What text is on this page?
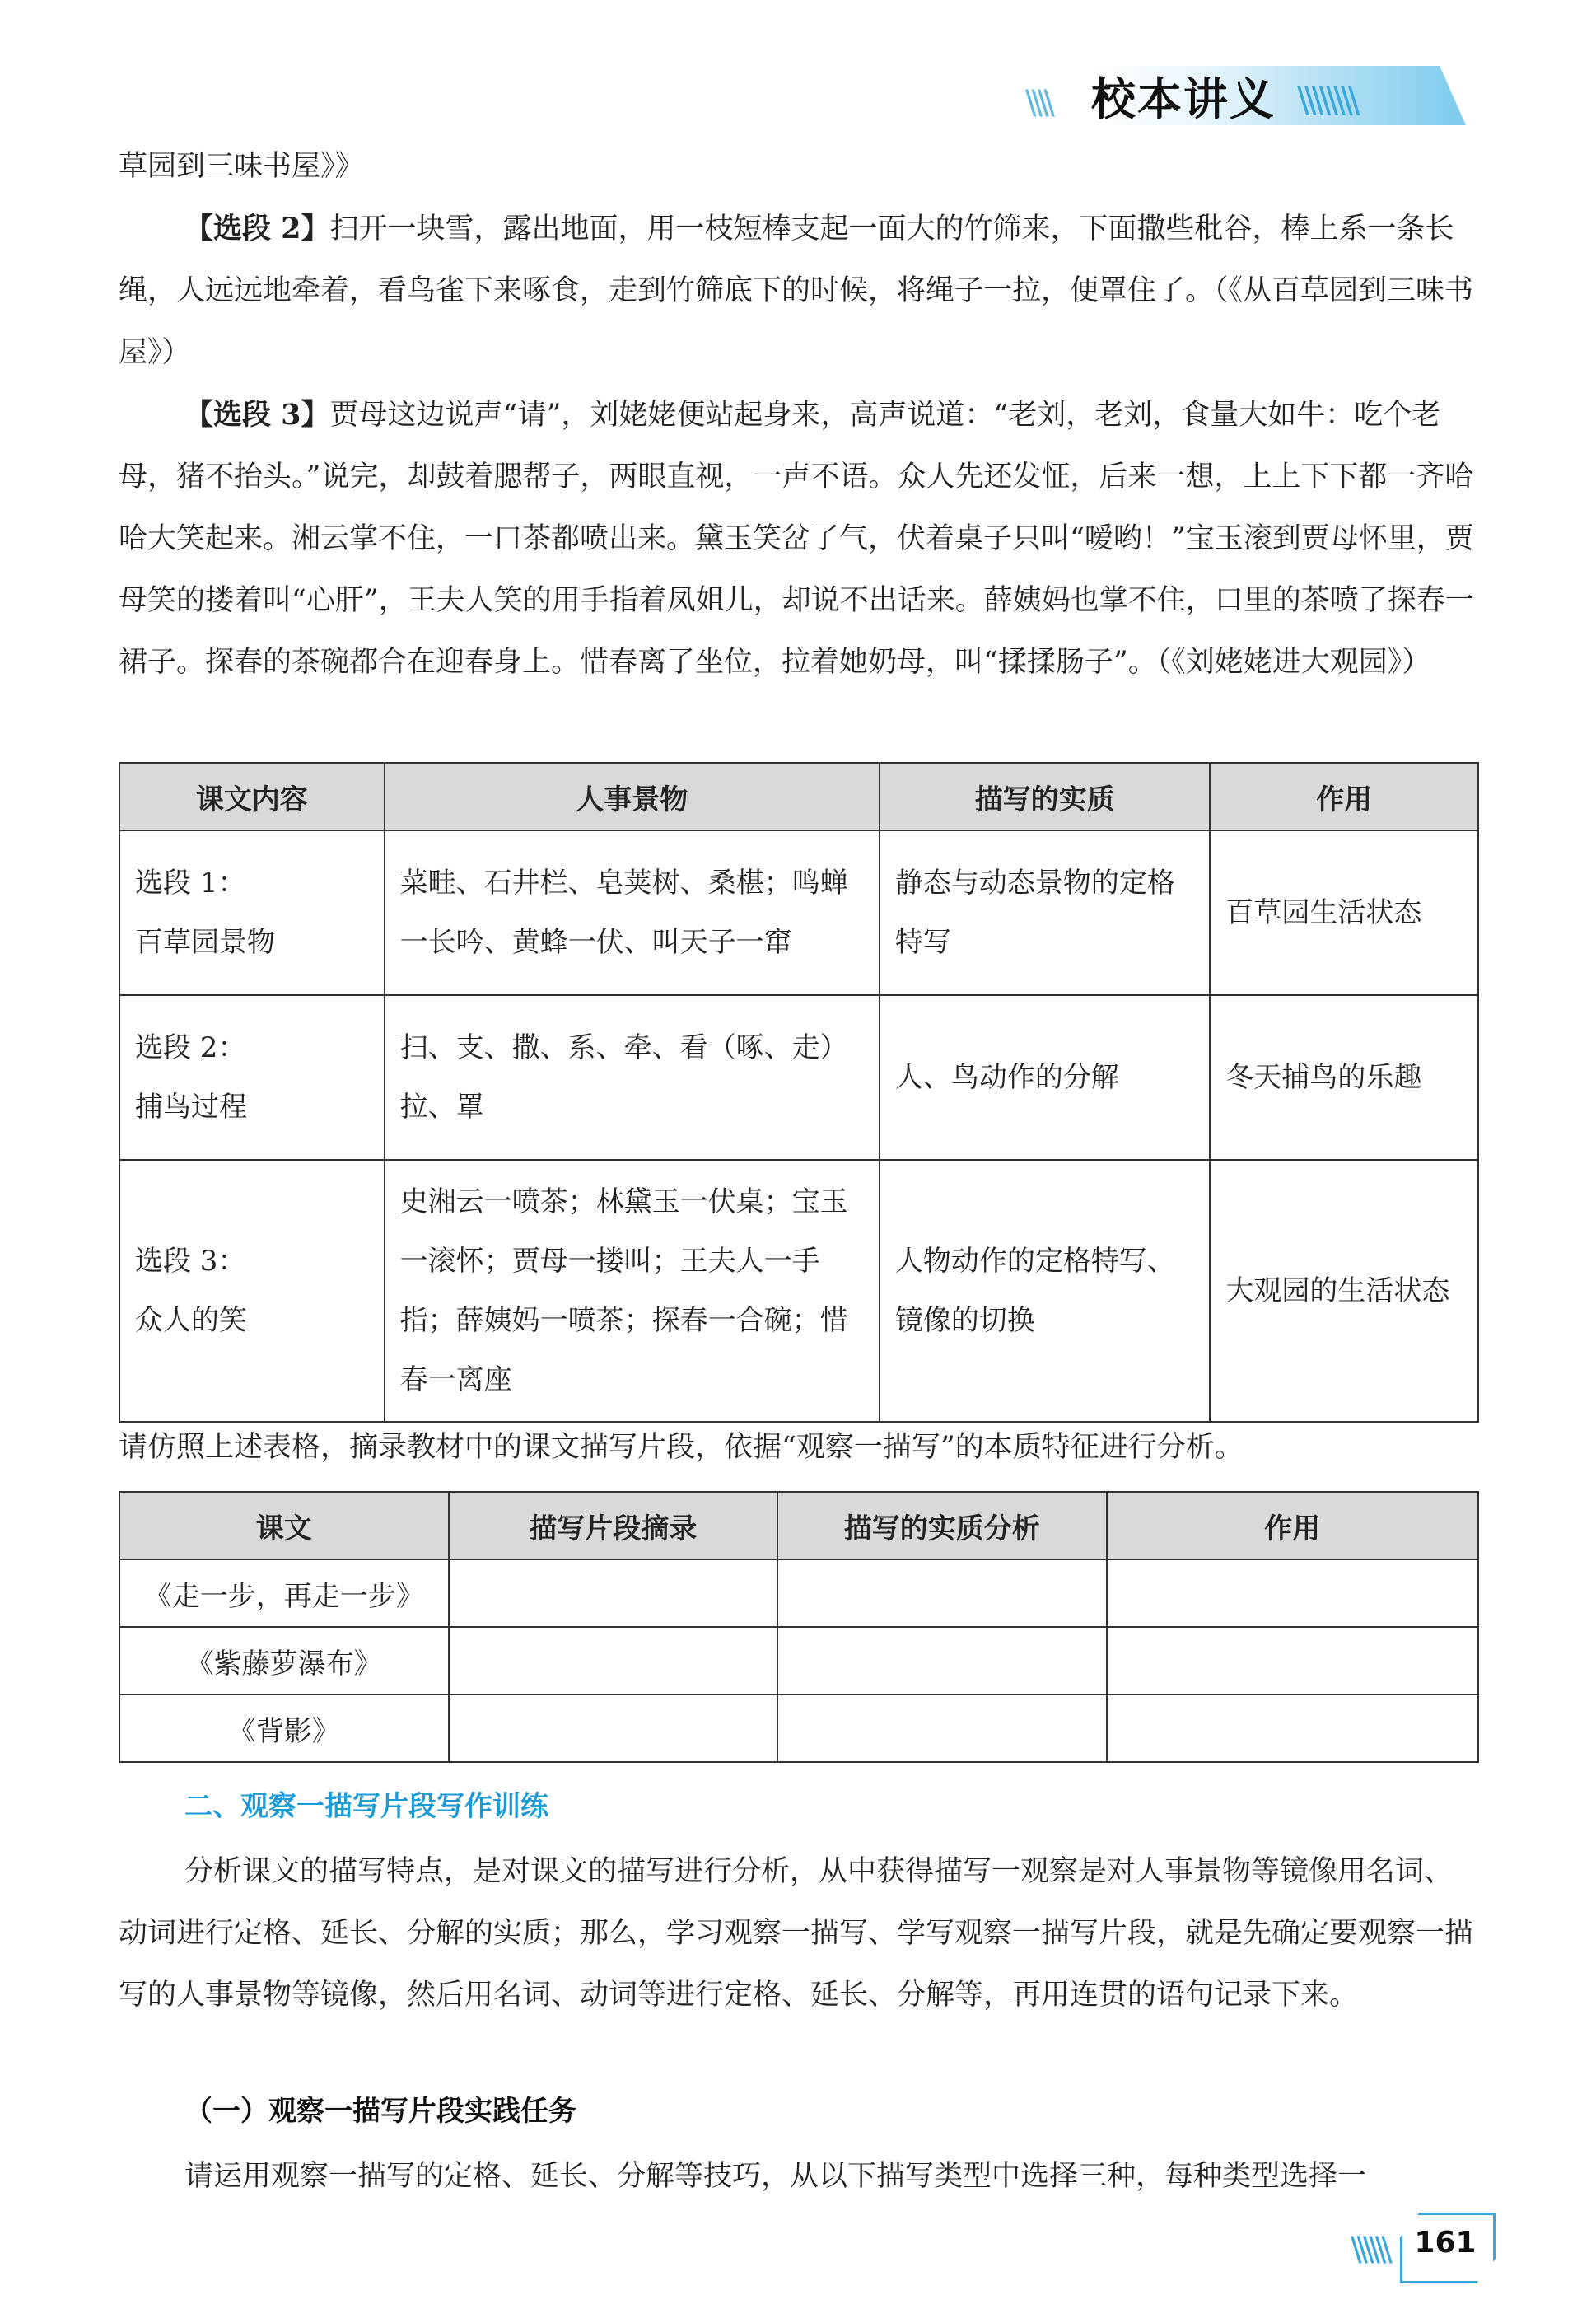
\\\\ 校本讲义 \\\\\\\\

草园到三味书屋》》

【选段 2】扫开一块雪，露出地面，用一枝短棒支起一面大的竹筛来，下面撒些秕谷，棒上系一条长绳，人远远地牵着，看鸟雀下来啄食，走到竹筛底下的时候，将绳子一拉，便罩住了。（《从百草园到三味书屋》）

【选段 3】贾母这边说声“请”，刘姥姥便站起身来，高声说道：“老刘，老刘，食量大如牛：吃个老母，猪不抬头。”说完，却鼓着腮帮子，两眼直视，一声不语。众人先还发怔，后来一想，上上下下都一齐哈哈大笑起来。湘云掌不住，一口茶都喷出来。黛玉笑岔了气，伏着桌子只叫“嗳哟！”宝玉滚到贾母怀里，贾母笑的搂着叫“心肝”，王夫人笑的用手指着凤姐儿，却说不出话来。薛姨妈也掌不住，口里的茶喷了探春一裙子。探春的茶碗都合在迎春身上。惜春离了坐位，拉着她奶母，叫“揉揉肠子”。（《刘姥姥进大观园》）

课文内容	人事景物	描写的实质	作用
选段 1：
百草园景物	菜畦、石井栏、皂荚树、桑椹；鸣蝉一长吟、黄蜂一伏、叫天子一窜	静态与动态景物的定格特写	百草园生活状态
选段 2：
捕鸟过程	扫、支、撒、系、牵、看（啄、走）拉、罩	人、鸟动作的分解	冬天捕鸟的乐趣
选段 3：
众人的笑	史湘云一喷茶；林黛玉一伏桌；宝玉一滚怀；贾母一搂叫；王夫人一手指；薛姨妈一喷茶；探春一合碗；惜春一离座	人物动作的定格特写、镜像的切换	大观园的生活状态
请仿照上述表格，摘录教材中的课文描写片段，依据“观察一描写”的本质特征进行分析。
课文	描写片段摘录	描写的实质分析	作用
《走一步，再走一步》			
《紫藤萝瀑布》			
《背影》			
二、观察一描写片段写作训练
分析课文的描写特点，是对课文的描写进行分析，从中获得描写一观察是对人事景物等镜像用名词、动词进行定格、延长、分解的实质；那么，学习观察一描写、学写观察一描写片段，就是先确定要观察一描写的人事景物等镜像，然后用名词、动词等进行定格、延长、分解等，再用连贯的语句记录下来。
（一）观察一描写片段实践任务
请运用观察一描写的定格、延长、分解等技巧，从以下描写类型中选择三种，每种类型选择一
\\\\\\ 161
